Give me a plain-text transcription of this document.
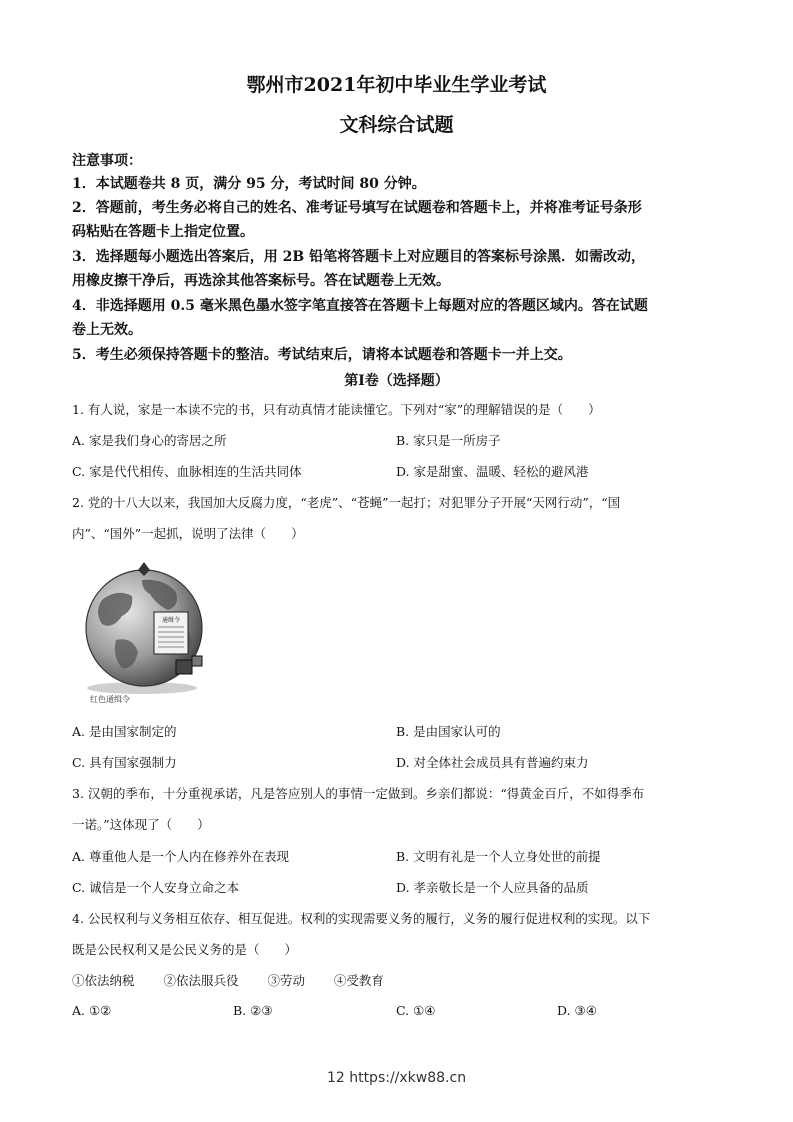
鄂州市2021年初中毕业生学业考试
文科综合试题
注意事项：
1．本试题卷共 8 页，满分 95 分，考试时间 80 分钟。
2．答题前，考生务必将自己的姓名、准考证号填写在试题卷和答题卡上，并将准考证号条形
码粘贴在答题卡上指定位置。
3．选择题每小题选出答案后，用 2B 铅笔将答题卡上对应题目的答案标号涂黑．如需改动，
用橡皮擦干净后，再选涂其他答案标号。答在试题卷上无效。
4．非选择题用 0.5 毫米黑色墨水签字笔直接答在答题卡上每题对应的答题区域内。答在试题
卷上无效。
5．考生必须保持答题卡的整洁。考试结束后，请将本试题卷和答题卡一并上交。
第Ⅰ卷（选择题）
1. 有人说，家是一本读不完的书，只有动真情才能读懂它。下列对“家”的理解错误的是（　　）
A. 家是我们身心的寄居之所	B. 家只是一所房子
C. 家是代代相传、血脉相连的生活共同体	D. 家是甜蜜、温暖、轻松的避风港
2. 党的十八大以来，我国加大反腐力度，“老虎”、“苍蝇”一起打；对犯罪分子开展“天网行动”，“国
内”、“国外”一起抓，说明了法律（　　）
通缉令
红色通缉令
A. 是由国家制定的	B. 是由国家认可的
C. 具有国家强制力	D. 对全体社会成员具有普遍约束力
3. 汉朝的季布，十分重视承诺，凡是答应别人的事情一定做到。乡亲们都说：“得黄金百斤，不如得季布
一诺。”这体现了（　　）
A. 尊重他人是一个人内在修养外在表现	B. 文明有礼是一个人立身处世的前提
C. 诚信是一个人安身立命之本	D. 孝亲敬长是一个人应具备的品质
4. 公民权利与义务相互依存、相互促进。权利的实现需要义务的履行，义务的履行促进权利的实现。以下
既是公民权利又是公民义务的是（　　）
①依法纳税　　 ②依法服兵役　　 ③劳动　　 ④受教育
A. ①②	B. ②③	C. ①④	D. ③④
12 https://xkw88.cn
